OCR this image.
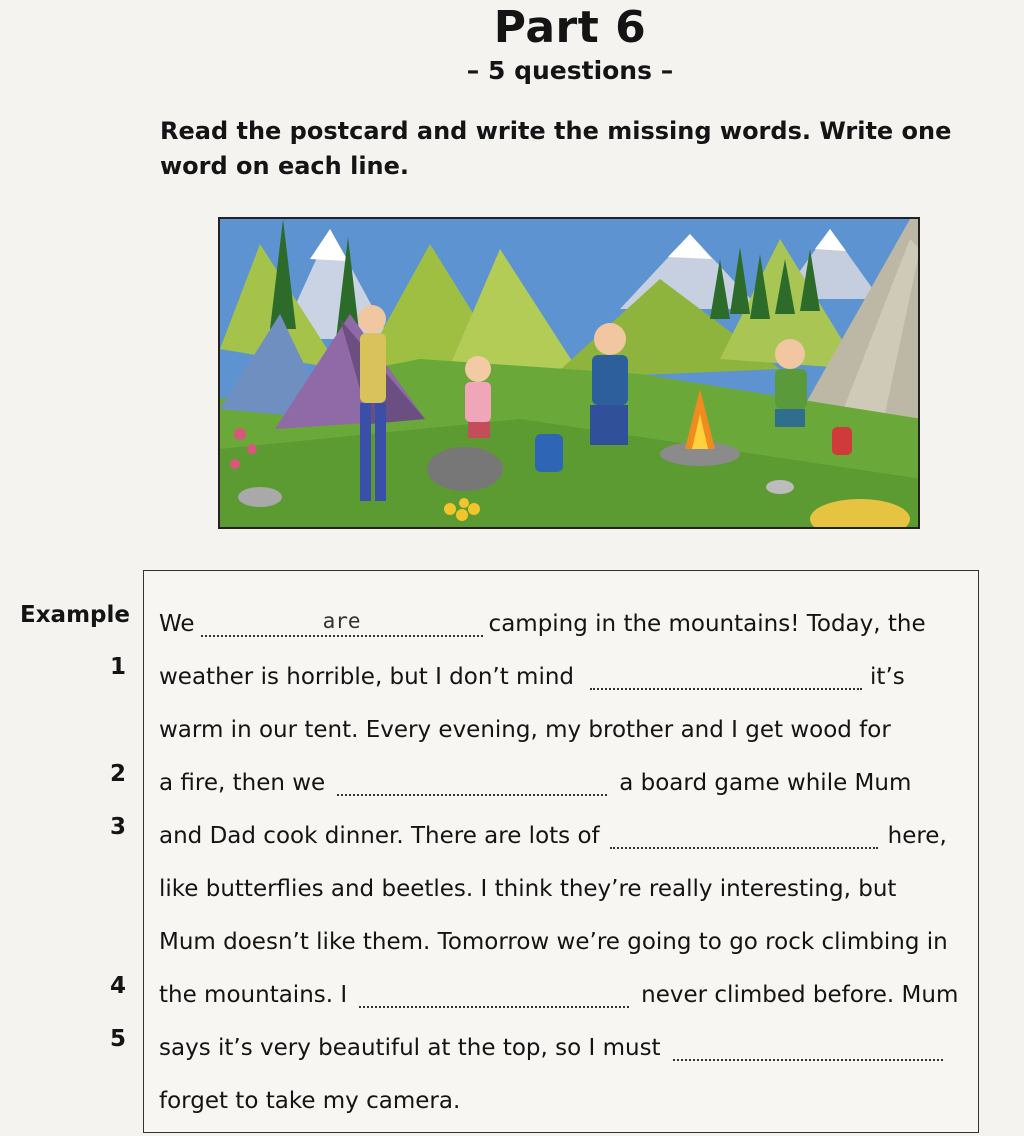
Part 6
– 5 questions –
Read the postcard and write the missing words. Write one word on each line.
Example
1
2
3
4
5
We	are	camping in the mountains! Today, the
weather is horrible, but I don’t mind	it’s
warm in our tent. Every evening, my brother and I get wood for
a fire, then we	a board game while Mum
and Dad cook dinner. There are lots of	here,
like butterflies and beetles. I think they’re really interesting, but
Mum doesn’t like them. Tomorrow we’re going to go rock climbing in
the mountains. I	never climbed before. Mum
says it’s very beautiful at the top, so I must
forget to take my camera.
